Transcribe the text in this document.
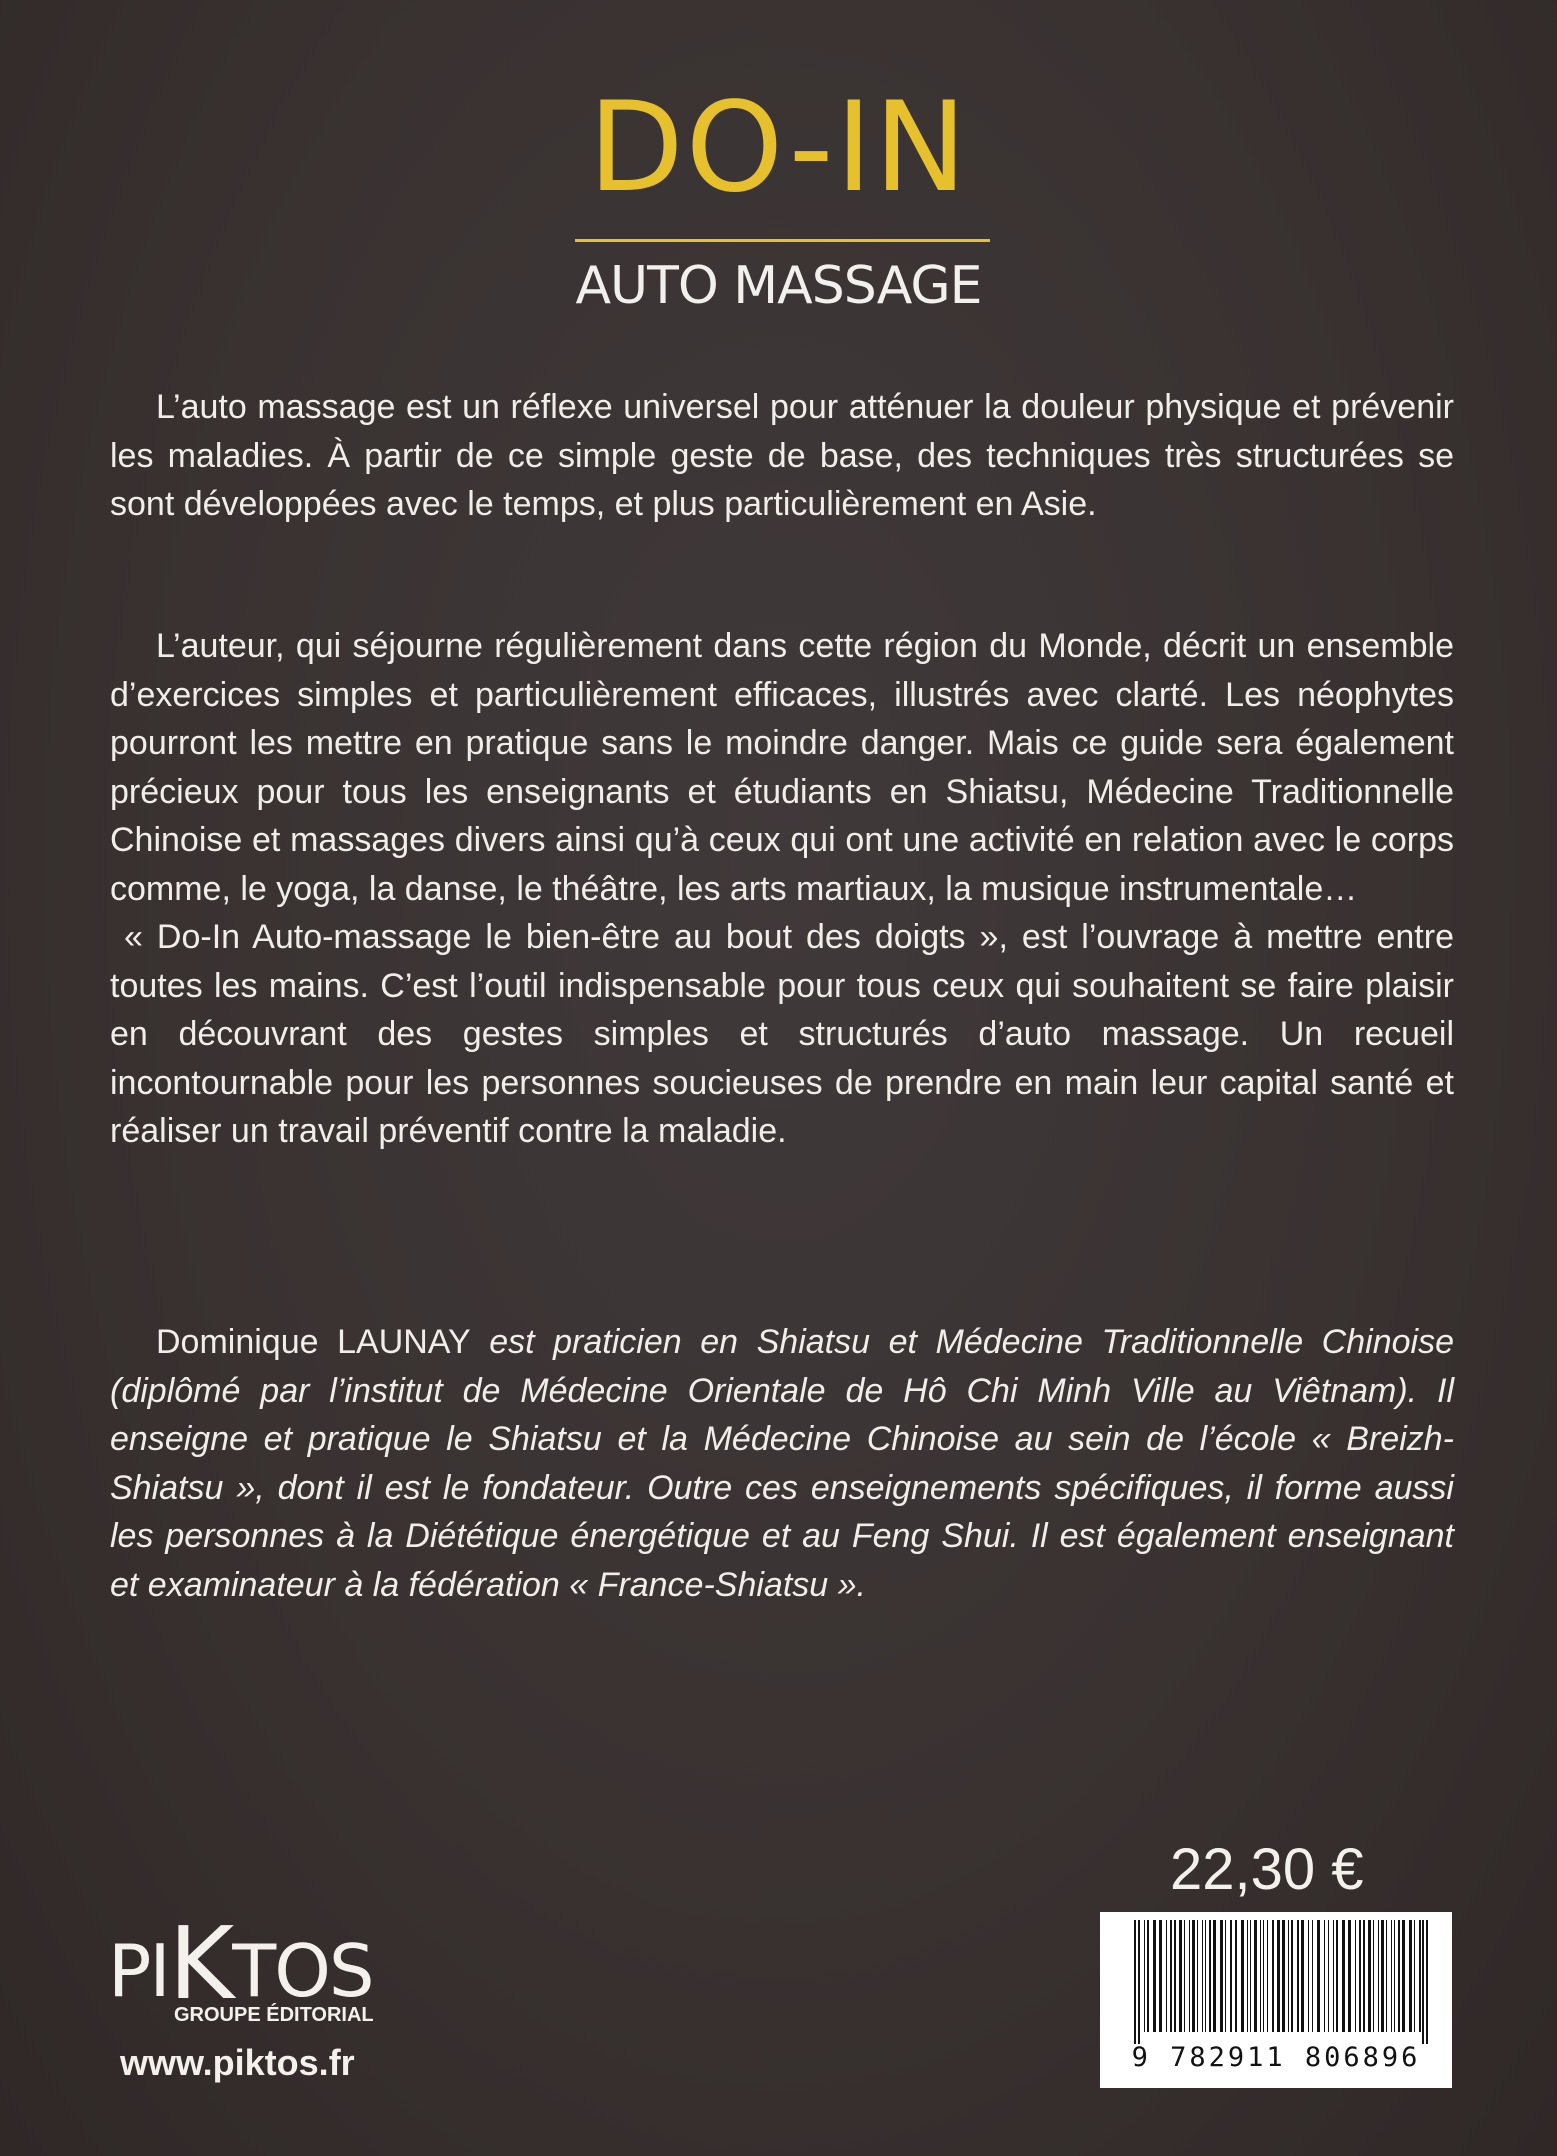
DO-IN
AUTO MASSAGE

L’auto massage est un réflexe universel pour atténuer la douleur physique et prévenir les maladies. À partir de ce simple geste de base, des techniques très structurées se sont développées avec le temps, et plus particulièrement en Asie.

L’auteur, qui séjourne régulièrement dans cette région du Monde, décrit un ensemble d’exercices simples et particulièrement efficaces, illustrés avec clarté. Les néophytes pourront les mettre en pratique sans le moindre danger. Mais ce guide sera également précieux pour tous les enseignants et étudiants en Shiatsu, Médecine Traditionnelle Chinoise et massages divers ainsi qu’à ceux qui ont une activité en relation avec le corps comme, le yoga, la danse, le théâtre, les arts martiaux, la musique instrumentale…
« Do-In Auto-massage le bien-être au bout des doigts », est l’ouvrage à mettre entre toutes les mains. C’est l’outil indispensable pour tous ceux qui souhaitent se faire plaisir en découvrant des gestes simples et structurés d’auto massage. Un recueil incontournable pour les personnes soucieuses de prendre en main leur capital santé et réaliser un travail préventif contre la maladie.

Dominique LAUNAY est praticien en Shiatsu et Médecine Traditionnelle Chinoise (diplômé par l’institut de Médecine Orientale de Hô Chi Minh Ville au Viêtnam). Il enseigne et pratique le Shiatsu et la Médecine Chinoise au sein de l’école « Breizh-Shiatsu », dont il est le fondateur. Outre ces enseignements spécifiques, il forme aussi les personnes à la Diététique énergétique et au Feng Shui. Il est également enseignant et examinateur à la fédération « France-Shiatsu ».

22,30 €
9 782911 806896
PIKTOS
GROUPE ÉDITORIAL
www.piktos.fr
